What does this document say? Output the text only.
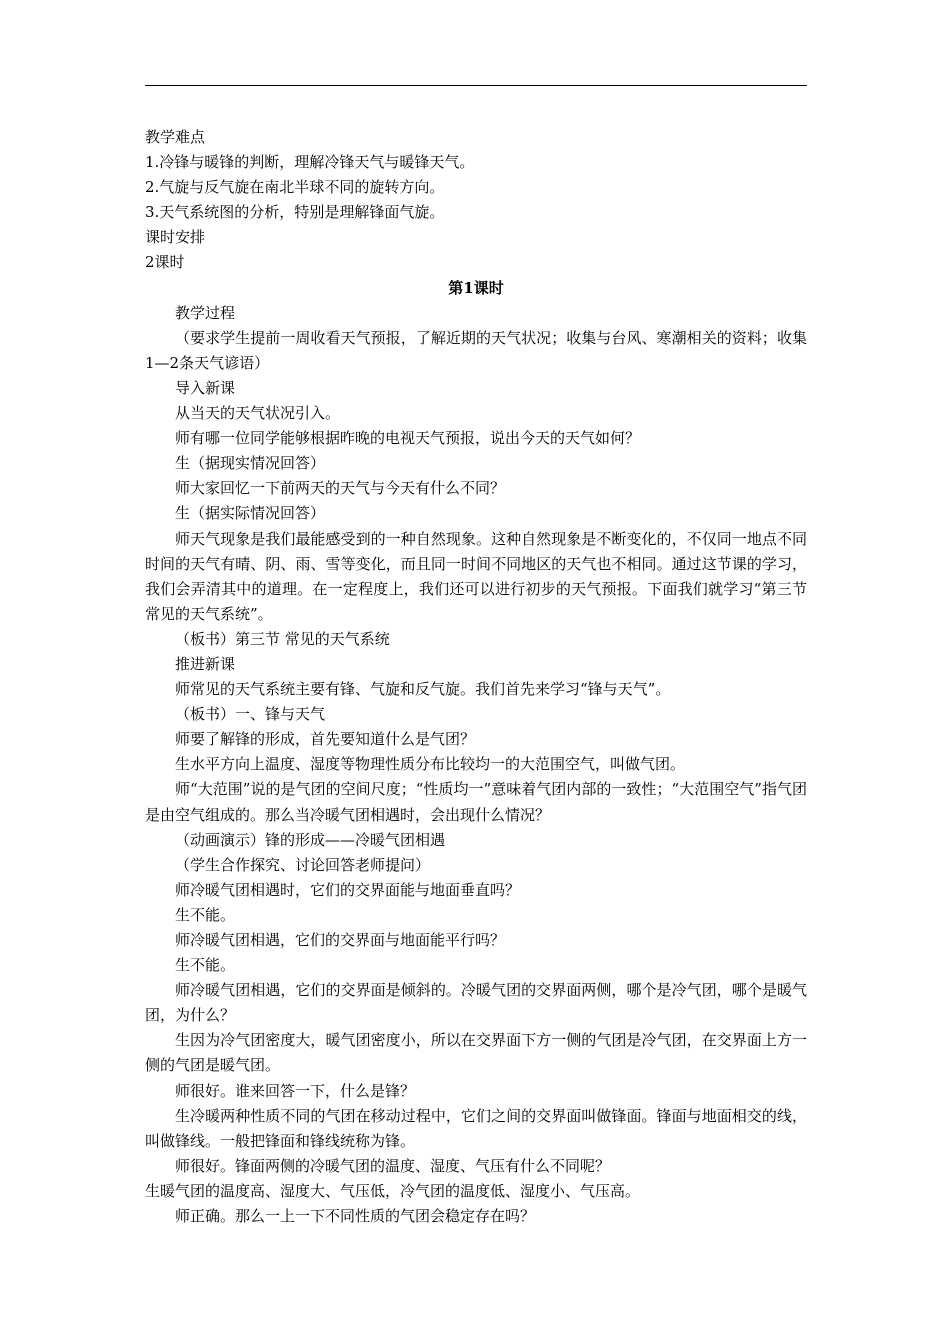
教学难点

1.冷锋与暖锋的判断，理解冷锋天气与暖锋天气。

2.气旋与反气旋在南北半球不同的旋转方向。

3.天气系统图的分析，特别是理解锋面气旋。

课时安排

2课时

第1课时

教学过程

（要求学生提前一周收看天气预报，了解近期的天气状况；收集与台风、寒潮相关的资料；收集1—2条天气谚语）

导入新课

从当天的天气状况引入。

师有哪一位同学能够根据昨晚的电视天气预报，说出今天的天气如何？

生（据现实情况回答）

师大家回忆一下前两天的天气与今天有什么不同？

生（据实际情况回答）

师天气现象是我们最能感受到的一种自然现象。这种自然现象是不断变化的，不仅同一地点不同时间的天气有晴、阴、雨、雪等变化，而且同一时间不同地区的天气也不相同。通过这节课的学习，我们会弄清其中的道理。在一定程度上，我们还可以进行初步的天气预报。下面我们就学习“第三节 常见的天气系统”。

（板书）第三节 常见的天气系统

推进新课

师常见的天气系统主要有锋、气旋和反气旋。我们首先来学习“锋与天气”。

（板书）一、锋与天气

师要了解锋的形成，首先要知道什么是气团？

生水平方向上温度、湿度等物理性质分布比较均一的大范围空气，叫做气团。

师“大范围”说的是气团的空间尺度；“性质均一”意味着气团内部的一致性；“大范围空气”指气团是由空气组成的。那么当冷暖气团相遇时，会出现什么情况？

（动画演示）锋的形成——冷暖气团相遇

（学生合作探究、讨论回答老师提问）

师冷暖气团相遇时，它们的交界面能与地面垂直吗？

生不能。

师冷暖气团相遇，它们的交界面与地面能平行吗？

生不能。

师冷暖气团相遇，它们的交界面是倾斜的。冷暖气团的交界面两侧，哪个是冷气团，哪个是暖气团，为什么？

生因为冷气团密度大，暖气团密度小，所以在交界面下方一侧的气团是冷气团，在交界面上方一侧的气团是暖气团。

师很好。谁来回答一下，什么是锋？

生冷暖两种性质不同的气团在移动过程中，它们之间的交界面叫做锋面。锋面与地面相交的线，叫做锋线。一般把锋面和锋线统称为锋。

师很好。锋面两侧的冷暖气团的温度、湿度、气压有什么不同呢？

生暖气团的温度高、湿度大、气压低，冷气团的温度低、湿度小、气压高。

师正确。那么一上一下不同性质的气团会稳定存在吗？
